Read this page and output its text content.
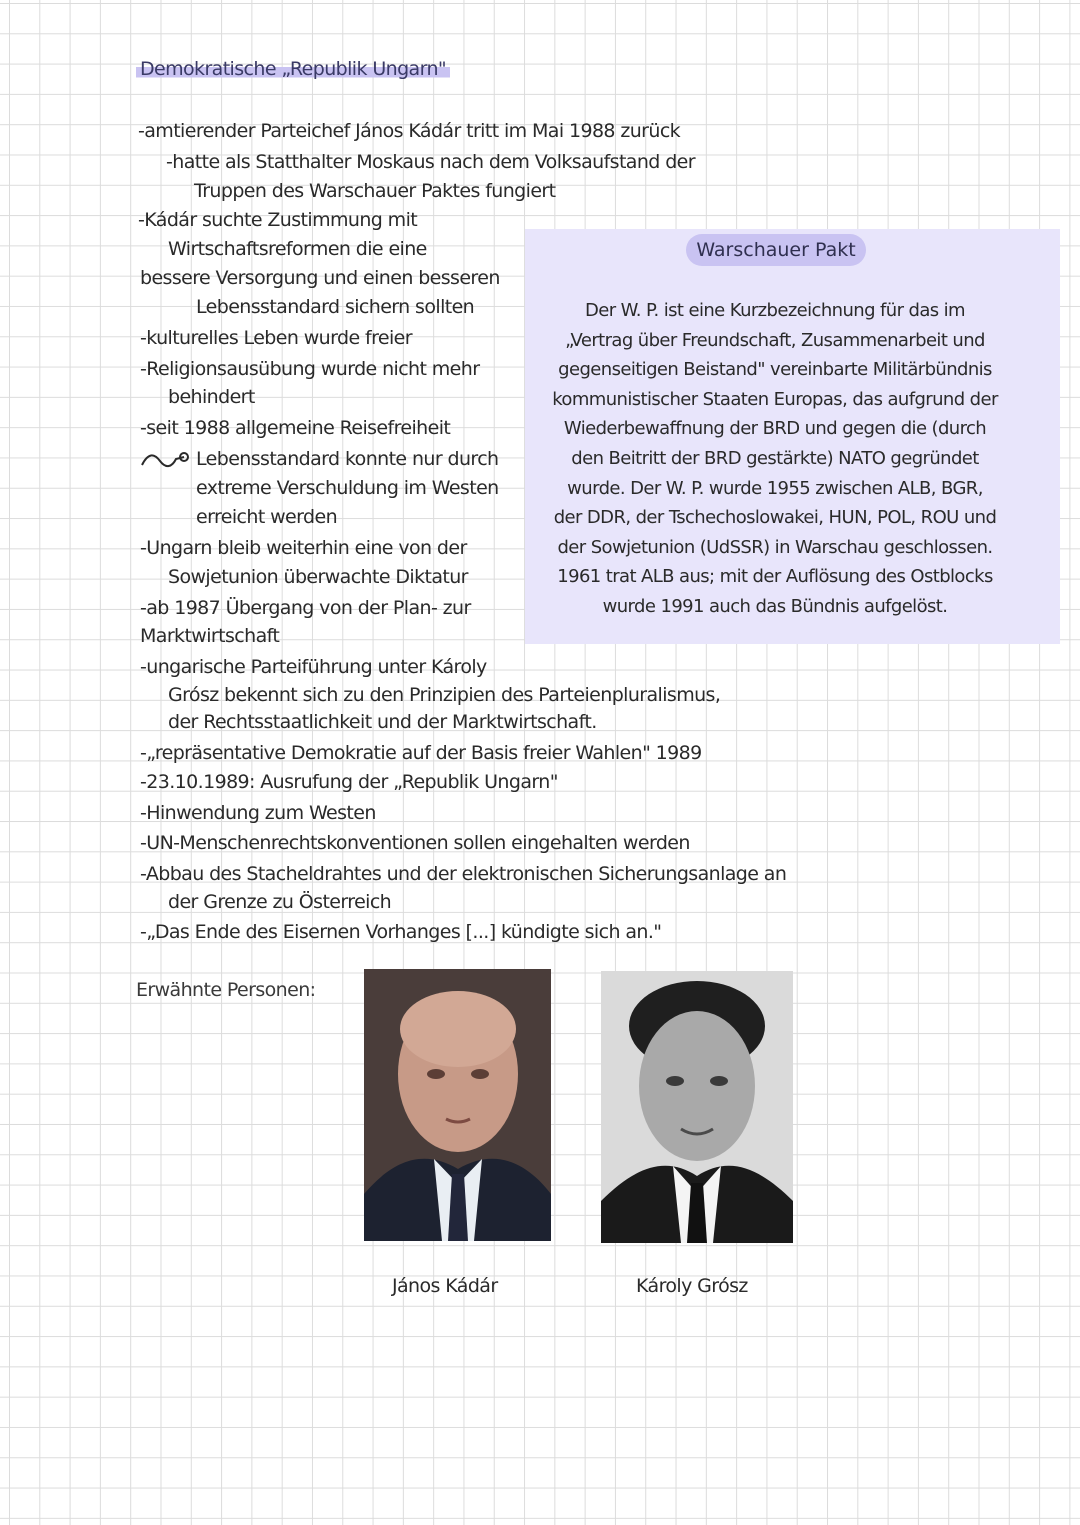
Demokratische „Republik Ungarn"
Warschauer Pakt
Der W. P. ist eine Kurzbezeichnung für das im
„Vertrag über Freundschaft, Zusammenarbeit und
gegenseitigen Beistand" vereinbarte Militärbündnis
kommunistischer Staaten Europas, das aufgrund der
Wiederbewaffnung der BRD und gegen die (durch
den Beitritt der BRD gestärkte) NATO gegründet
wurde. Der W. P. wurde 1955 zwischen ALB, BGR,
der DDR, der Tschechoslowakei, HUN, POL, ROU und
der Sowjetunion (UdSSR) in Warschau geschlossen.
1961 trat ALB aus; mit der Auflösung des Ostblocks
wurde 1991 auch das Bündnis aufgelöst.
-amtierender Parteichef János Kádár tritt im Mai 1988 zurück
-hatte als Statthalter Moskaus nach dem Volksaufstand der
Truppen des Warschauer Paktes fungiert
-Kádár suchte Zustimmung mit
Wirtschaftsreformen die eine
bessere Versorgung und einen besseren
Lebensstandard sichern sollten
-kulturelles Leben wurde freier
-Religionsausübung wurde nicht mehr
behindert
-seit 1988 allgemeine Reisefreiheit
Lebensstandard konnte nur durch
extreme Verschuldung im Westen
erreicht werden
-Ungarn bleib weiterhin eine von der
Sowjetunion überwachte Diktatur
-ab 1987 Übergang von der Plan- zur
Marktwirtschaft
-ungarische Parteiführung unter Károly
Grósz bekennt sich zu den Prinzipien des Parteienpluralismus,
der Rechtsstaatlichkeit und der Marktwirtschaft.
-„repräsentative Demokratie auf der Basis freier Wahlen" 1989
-23.10.1989: Ausrufung der „Republik Ungarn"
-Hinwendung zum Westen
-UN-Menschenrechtskonventionen sollen eingehalten werden
-Abbau des Stacheldrahtes und der elektronischen Sicherungsanlage an
der Grenze zu Österreich
-„Das Ende des Eisernen Vorhanges [...] kündigte sich an."
Erwähnte Personen:
János Kádár	Károly Grósz
